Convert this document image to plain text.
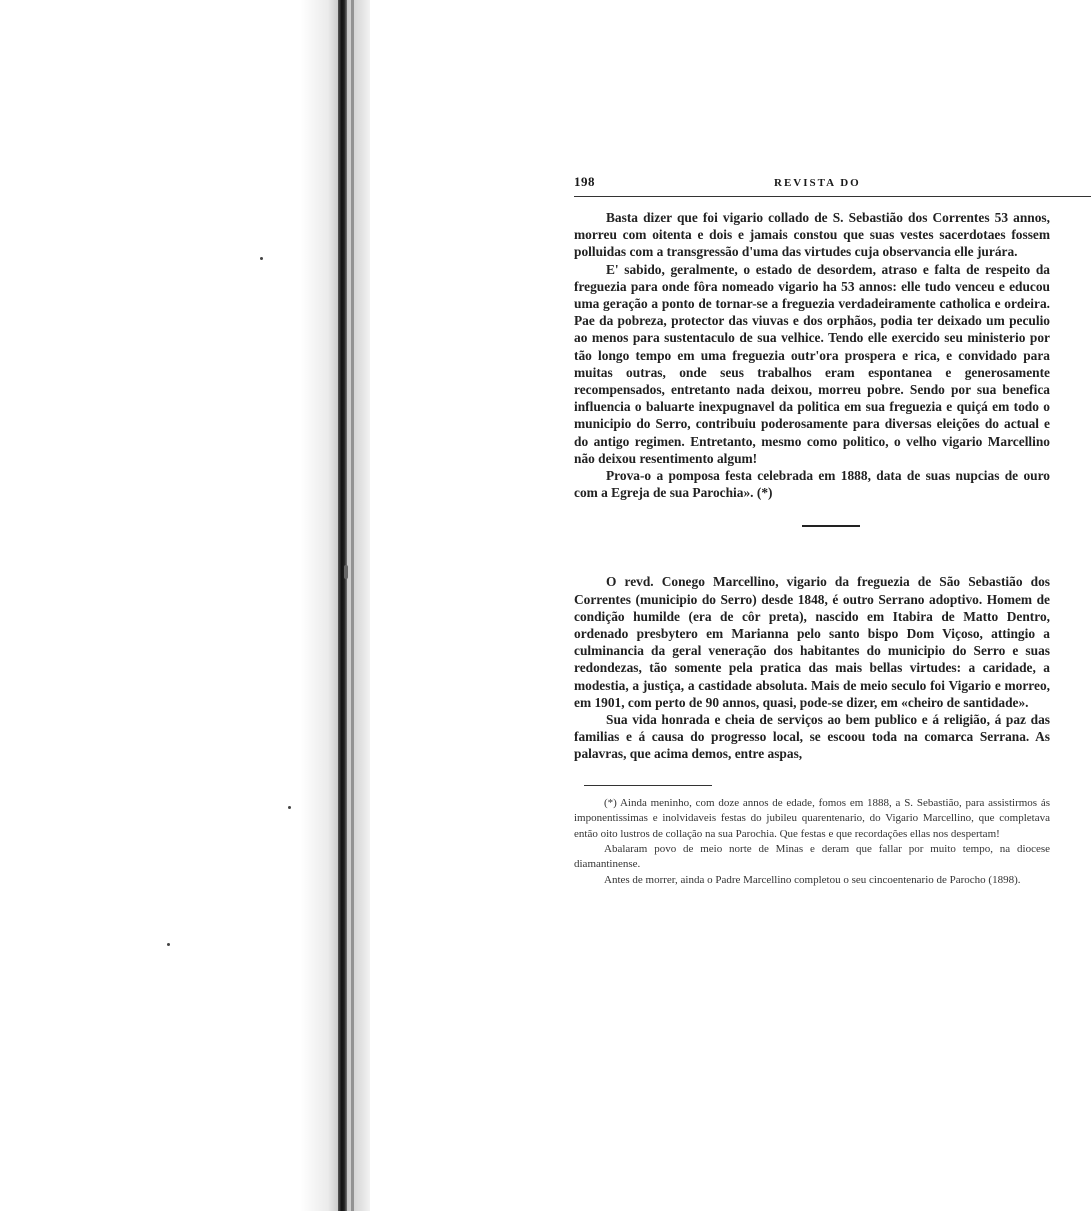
198	REVISTA DO

Basta dizer que foi vigario collado de S. Sebastião dos Correntes 53 annos, morreu com oitenta e dois e jamais constou que suas vestes sacerdotaes fossem polluidas com a transgressão d'uma das virtudes cuja observancia elle jurára.

E' sabido, geralmente, o estado de desordem, atraso e falta de respeito da freguezia para onde fôra nomeado vigario ha 53 annos: elle tudo venceu e educou uma geração a ponto de tornar-se a freguezia verdadeiramente catholica e ordeira. Pae da pobreza, protector das viuvas e dos orphãos, podia ter deixado um peculio ao menos para sustentaculo de sua velhice. Tendo elle exercido seu ministerio por tão longo tempo em uma freguezia outr'ora prospera e rica, e convidado para muitas outras, onde seus trabalhos eram espontanea e generosamente recompensados, entretanto nada deixou, morreu pobre. Sendo por sua benefica influencia o baluarte inexpugnavel da politica em sua freguezia e quiçá em todo o municipio do Serro, contribuiu poderosamente para diversas eleições do actual e do antigo regimen. Entretanto, mesmo como politico, o velho vigario Marcellino não deixou resentimento algum!

Prova-o a pomposa festa celebrada em 1888, data de suas nupcias de ouro com a Egreja de sua Parochia». (*)

O revd. Conego Marcellino, vigario da freguezia de São Sebastião dos Correntes (municipio do Serro) desde 1848, é outro Serrano adoptivo. Homem de condição humilde (era de côr preta), nascido em Itabira de Matto Dentro, ordenado presbytero em Marianna pelo santo bispo Dom Viçoso, attingio a culminancia da geral veneração dos habitantes do municipio do Serro e suas redondezas, tão somente pela pratica das mais bellas virtudes: a caridade, a modestia, a justiça, a castidade absoluta. Mais de meio seculo foi Vigario e morreo, em 1901, com perto de 90 annos, quasi, pode-se dizer, em «cheiro de santidade».

Sua vida honrada e cheia de serviços ao bem publico e á religião, á paz das familias e á causa do progresso local, se escoou toda na comarca Serrana. As palavras, que acima demos, entre aspas,

(*) Ainda meninho, com doze annos de edade, fomos em 1888, a S. Sebastião, para assistirmos ás imponentissimas e inolvidaveis festas do jubileu quarentenario, do Vigario Marcellino, que completava então oito lustros de collação na sua Parochia. Que festas e que recordações ellas nos despertam!

Abalaram povo de meio norte de Minas e deram que fallar por muito tempo, na diocese diamantinense.

Antes de morrer, ainda o Padre Marcellino completou o seu cincoentenario de Parocho (1898).
